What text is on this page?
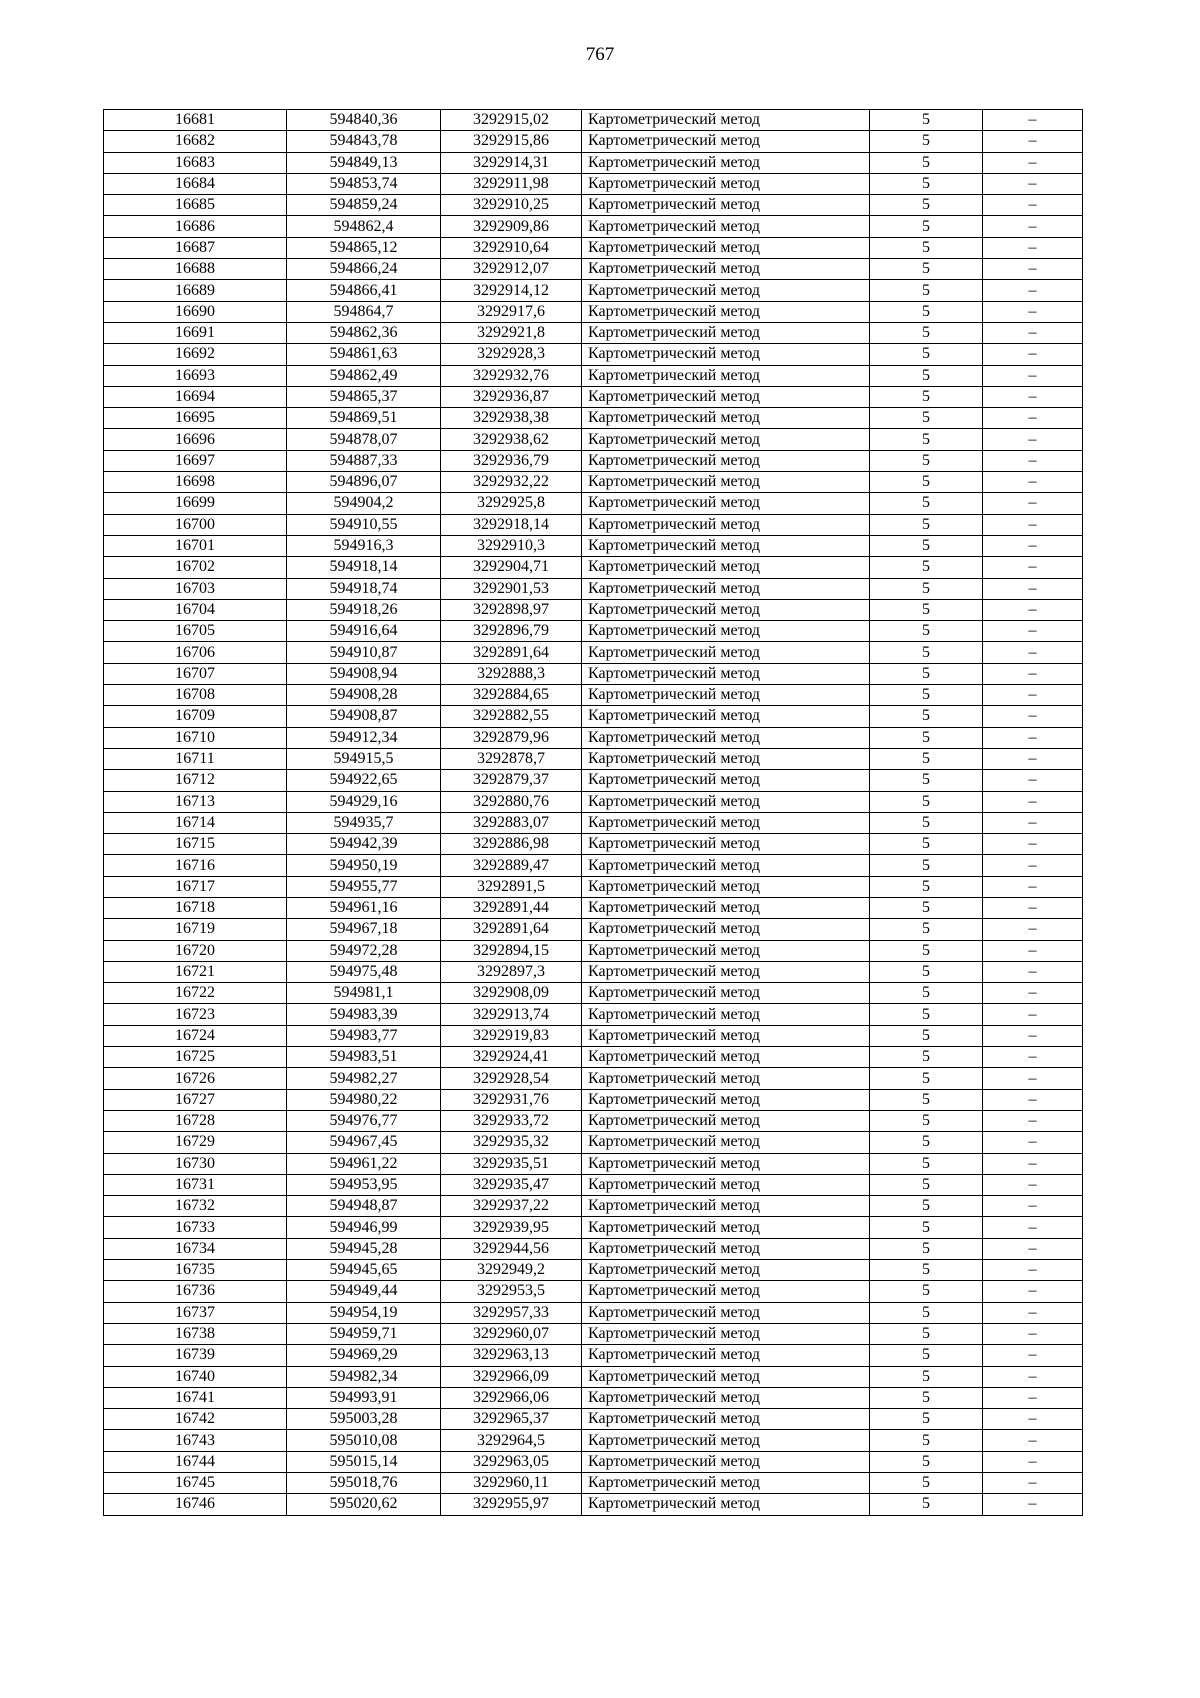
767
16681	594840,36	3292915,02	Картометрический метод	5	–
16682	594843,78	3292915,86	Картометрический метод	5	–
16683	594849,13	3292914,31	Картометрический метод	5	–
16684	594853,74	3292911,98	Картометрический метод	5	–
16685	594859,24	3292910,25	Картометрический метод	5	–
16686	594862,4	3292909,86	Картометрический метод	5	–
16687	594865,12	3292910,64	Картометрический метод	5	–
16688	594866,24	3292912,07	Картометрический метод	5	–
16689	594866,41	3292914,12	Картометрический метод	5	–
16690	594864,7	3292917,6	Картометрический метод	5	–
16691	594862,36	3292921,8	Картометрический метод	5	–
16692	594861,63	3292928,3	Картометрический метод	5	–
16693	594862,49	3292932,76	Картометрический метод	5	–
16694	594865,37	3292936,87	Картометрический метод	5	–
16695	594869,51	3292938,38	Картометрический метод	5	–
16696	594878,07	3292938,62	Картометрический метод	5	–
16697	594887,33	3292936,79	Картометрический метод	5	–
16698	594896,07	3292932,22	Картометрический метод	5	–
16699	594904,2	3292925,8	Картометрический метод	5	–
16700	594910,55	3292918,14	Картометрический метод	5	–
16701	594916,3	3292910,3	Картометрический метод	5	–
16702	594918,14	3292904,71	Картометрический метод	5	–
16703	594918,74	3292901,53	Картометрический метод	5	–
16704	594918,26	3292898,97	Картометрический метод	5	–
16705	594916,64	3292896,79	Картометрический метод	5	–
16706	594910,87	3292891,64	Картометрический метод	5	–
16707	594908,94	3292888,3	Картометрический метод	5	–
16708	594908,28	3292884,65	Картометрический метод	5	–
16709	594908,87	3292882,55	Картометрический метод	5	–
16710	594912,34	3292879,96	Картометрический метод	5	–
16711	594915,5	3292878,7	Картометрический метод	5	–
16712	594922,65	3292879,37	Картометрический метод	5	–
16713	594929,16	3292880,76	Картометрический метод	5	–
16714	594935,7	3292883,07	Картометрический метод	5	–
16715	594942,39	3292886,98	Картометрический метод	5	–
16716	594950,19	3292889,47	Картометрический метод	5	–
16717	594955,77	3292891,5	Картометрический метод	5	–
16718	594961,16	3292891,44	Картометрический метод	5	–
16719	594967,18	3292891,64	Картометрический метод	5	–
16720	594972,28	3292894,15	Картометрический метод	5	–
16721	594975,48	3292897,3	Картометрический метод	5	–
16722	594981,1	3292908,09	Картометрический метод	5	–
16723	594983,39	3292913,74	Картометрический метод	5	–
16724	594983,77	3292919,83	Картометрический метод	5	–
16725	594983,51	3292924,41	Картометрический метод	5	–
16726	594982,27	3292928,54	Картометрический метод	5	–
16727	594980,22	3292931,76	Картометрический метод	5	–
16728	594976,77	3292933,72	Картометрический метод	5	–
16729	594967,45	3292935,32	Картометрический метод	5	–
16730	594961,22	3292935,51	Картометрический метод	5	–
16731	594953,95	3292935,47	Картометрический метод	5	–
16732	594948,87	3292937,22	Картометрический метод	5	–
16733	594946,99	3292939,95	Картометрический метод	5	–
16734	594945,28	3292944,56	Картометрический метод	5	–
16735	594945,65	3292949,2	Картометрический метод	5	–
16736	594949,44	3292953,5	Картометрический метод	5	–
16737	594954,19	3292957,33	Картометрический метод	5	–
16738	594959,71	3292960,07	Картометрический метод	5	–
16739	594969,29	3292963,13	Картометрический метод	5	–
16740	594982,34	3292966,09	Картометрический метод	5	–
16741	594993,91	3292966,06	Картометрический метод	5	–
16742	595003,28	3292965,37	Картометрический метод	5	–
16743	595010,08	3292964,5	Картометрический метод	5	–
16744	595015,14	3292963,05	Картометрический метод	5	–
16745	595018,76	3292960,11	Картометрический метод	5	–
16746	595020,62	3292955,97	Картометрический метод	5	–
